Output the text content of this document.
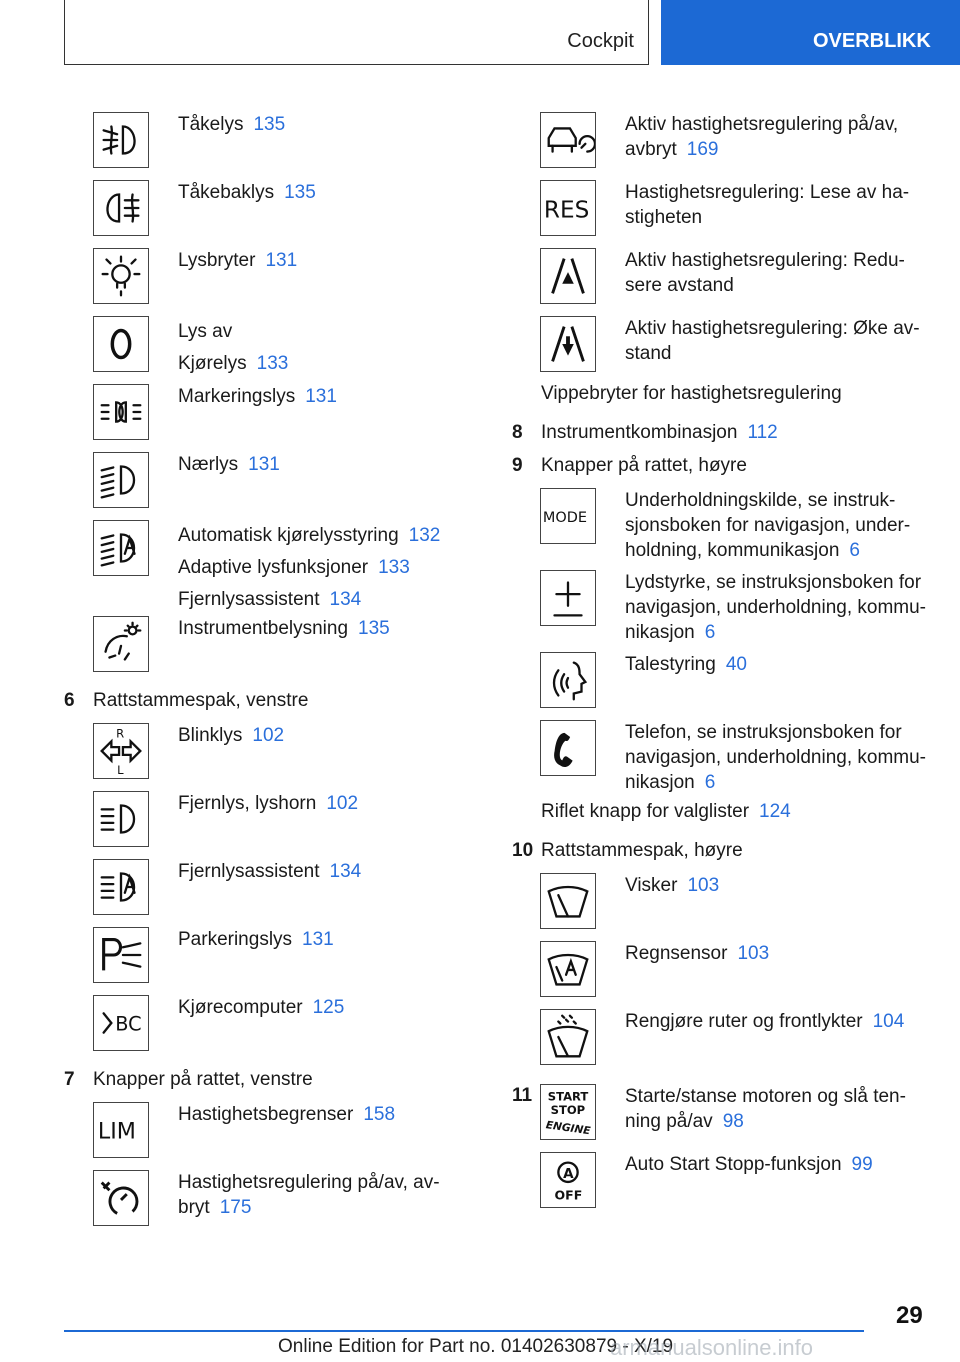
Cockpit	OVERBLIKK
Tåkelys 135
Tåkebaklys 135
Lysbryter 131
Lys av
Kjørelys 133
Markeringslys 131
Nærlys 131
Automatisk kjørelysstyring 132
Adaptive lysfunksjoner 133
Fjernlysassistent 134
Instrumentbelysning 135
6 Rattstammespak, venstre
R
L
Blinklys 102
Fjernlys, lyshorn 102
Fjernlysassistent 134
Parkeringslys 131
BC
Kjørecomputer 125
7 Knapper på rattet, venstre
LIM
Hastighetsbegrenser 158
Hastighetsregulering på/av, av-
bryt 175
Aktiv hastighetsregulering på/av,
avbryt 169
RES
Hastighetsregulering: Lese av ha-
stigheten
Aktiv hastighetsregulering: Redu-
sere avstand
Aktiv hastighetsregulering: Øke av-
stand
Vippebryter for hastighetsregulering
8 Instrumentkombinasjon 112
9 Knapper på rattet, høyre
MODE
Underholdningskilde, se instruk-
sjonsboken for navigasjon, under-
holdning, kommunikasjon 6
Lydstyrke, se instruksjonsboken for
navigasjon, underholdning, kommu-
nikasjon 6
Talestyring 40
Telefon, se instruksjonsboken for
navigasjon, underholdning, kommu-
nikasjon 6
Riflet knapp for valglister 124
10 Rattstammespak, høyre
Visker 103
Regnsensor 103
Rengjøre ruter og frontlykter 104
11 START
STOP
ENGINE
Starte/stanse motoren og slå ten-
ning på/av 98
A
OFF
Auto Start Stopp-funksjon 99
29
Online Edition for Part no. 01402630879 - X/19
armanualsonline.info
